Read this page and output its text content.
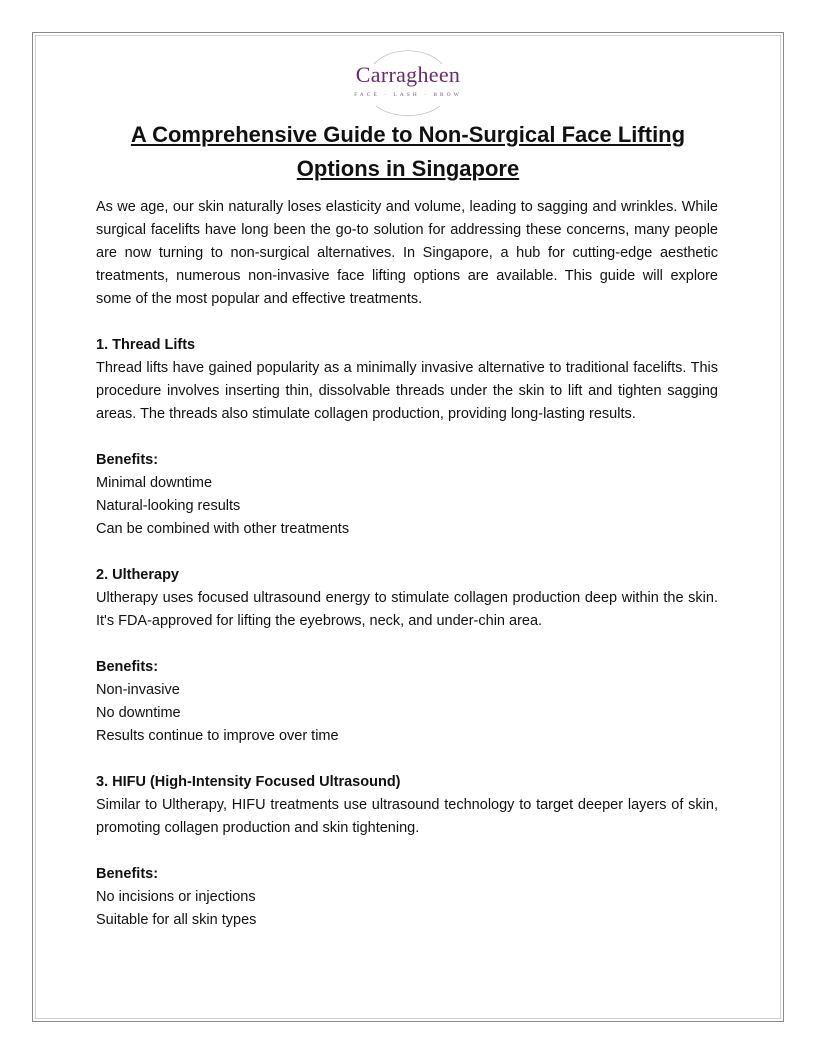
Carragheen
FACE · LASH · BROW
A Comprehensive Guide to Non-Surgical Face Lifting Options in Singapore

As we age, our skin naturally loses elasticity and volume, leading to sagging and wrinkles. While surgical facelifts have long been the go-to solution for addressing these concerns, many people are now turning to non-surgical alternatives. In Singapore, a hub for cutting-edge aesthetic treatments, numerous non-invasive face lifting options are available. This guide will explore some of the most popular and effective treatments.

1. Thread Lifts

Thread lifts have gained popularity as a minimally invasive alternative to traditional facelifts. This procedure involves inserting thin, dissolvable threads under the skin to lift and tighten sagging areas. The threads also stimulate collagen production, providing long-lasting results.

Benefits:
Minimal downtime
Natural-looking results
Can be combined with other treatments
2. Ultherapy

Ultherapy uses focused ultrasound energy to stimulate collagen production deep within the skin. It's FDA-approved for lifting the eyebrows, neck, and under-chin area.

Benefits:
Non-invasive
No downtime
Results continue to improve over time
3. HIFU (High-Intensity Focused Ultrasound)

Similar to Ultherapy, HIFU treatments use ultrasound technology to target deeper layers of skin, promoting collagen production and skin tightening.

Benefits:
No incisions or injections
Suitable for all skin types
